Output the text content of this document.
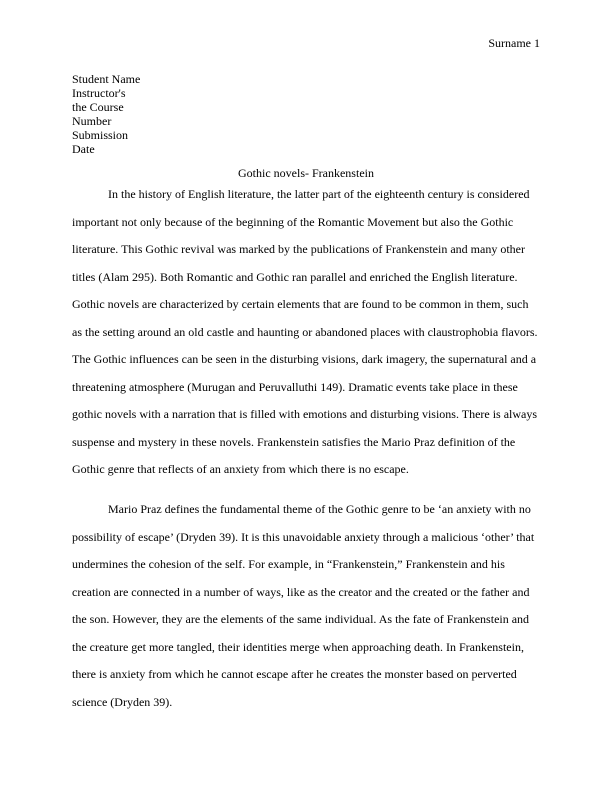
Surname 1
Student Name
Instructor's
the Course
Number
Submission
Date
Gothic novels- Frankenstein
In the history of English literature, the latter part of the eighteenth century is considered
important not only because of the beginning of the Romantic Movement but also the Gothic
literature. This Gothic revival was marked by the publications of Frankenstein and many other
titles (Alam 295). Both Romantic and Gothic ran parallel and enriched the English literature.
Gothic novels are characterized by certain elements that are found to be common in them, such
as the setting around an old castle and haunting or abandoned places with claustrophobia flavors.
The Gothic influences can be seen in the disturbing visions, dark imagery, the supernatural and a
threatening atmosphere (Murugan and Peruvalluthi 149). Dramatic events take place in these
gothic novels with a narration that is filled with emotions and disturbing visions. There is always
suspense and mystery in these novels. Frankenstein satisfies the Mario Praz definition of the
Gothic genre that reflects of an anxiety from which there is no escape.
Mario Praz defines the fundamental theme of the Gothic genre to be ‘an anxiety with no
possibility of escape’ (Dryden 39). It is this unavoidable anxiety through a malicious ‘other’ that
undermines the cohesion of the self. For example, in “Frankenstein,” Frankenstein and his
creation are connected in a number of ways, like as the creator and the created or the father and
the son. However, they are the elements of the same individual. As the fate of Frankenstein and
the creature get more tangled, their identities merge when approaching death. In Frankenstein,
there is anxiety from which he cannot escape after he creates the monster based on perverted
science (Dryden 39).
